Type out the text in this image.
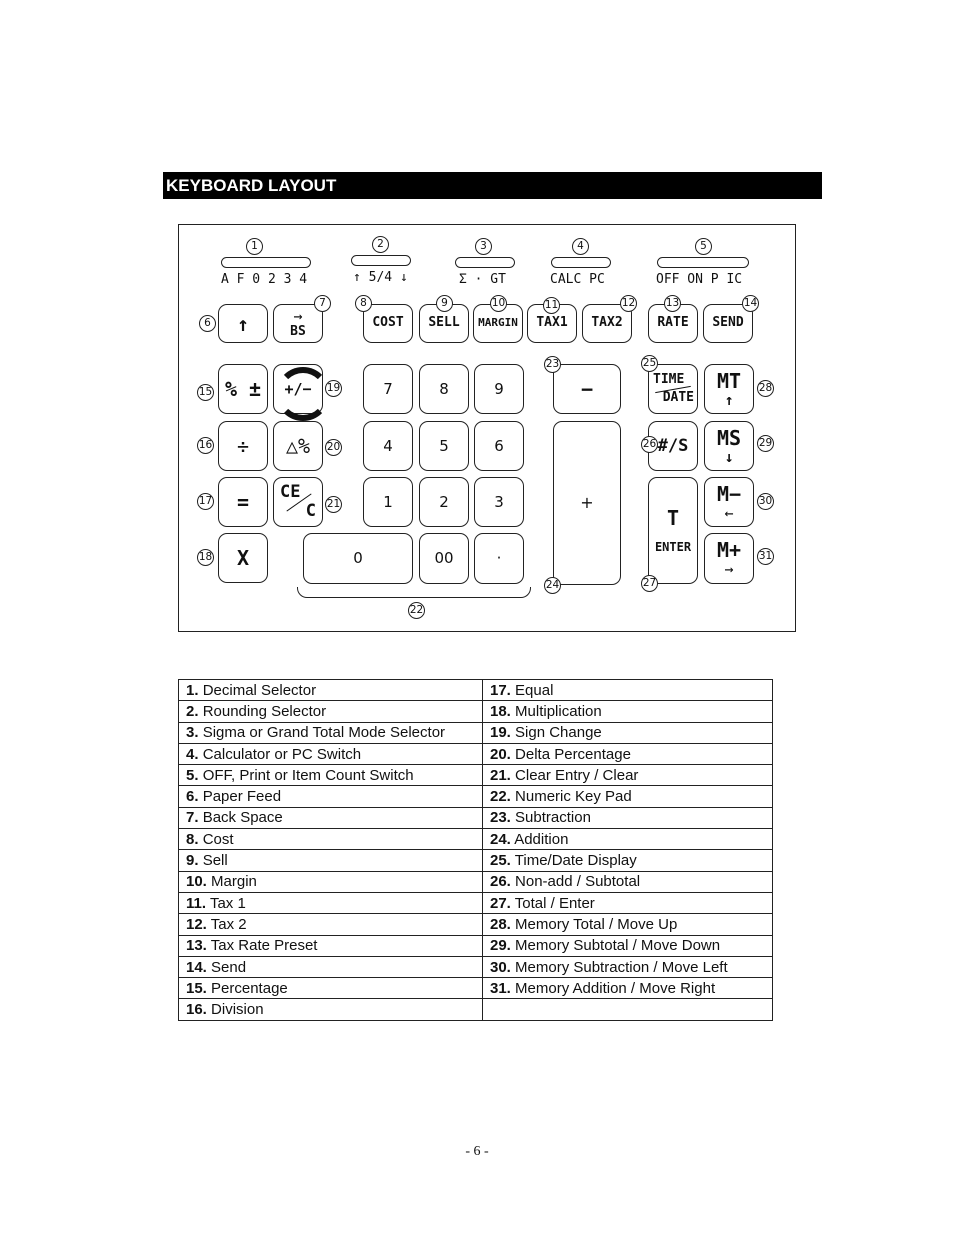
KEYBOARD LAYOUT
A F 0 2 3 4	↑ 5/4 ↓	Σ · GT	CALC PC	OFF ON P IC
1	2	3	4	5
↑	→
BS
COST SELL MARGIN TAX1 TAX2	RATE SEND
6
7	8	9	10	11	12	13	14
% ± +/−
÷ △%
= CE
C
X
15
16
17
18
19
20
21
7	8	9
4	5	6
1	2	3
0	00	·
22
−
+
23
24
TIME
DATE
#/S
T
ENTER
MT
↑
MS
↓
M−
←
M+
→
25
26
27
28
29
30
31
1. Decimal Selector	17. Equal
2. Rounding Selector	18. Multiplication
3. Sigma or Grand Total Mode Selector	19. Sign Change
4. Calculator or PC Switch	20. Delta Percentage
5. OFF, Print or Item Count Switch	21. Clear Entry / Clear
6. Paper Feed	22. Numeric Key Pad
7. Back Space	23. Subtraction
8. Cost	24. Addition
9. Sell	25. Time/Date Display
10. Margin	26. Non-add / Subtotal
11. Tax 1	27. Total / Enter
12. Tax 2	28. Memory Total / Move Up
13. Tax Rate Preset	29. Memory Subtotal / Move Down
14. Send	30. Memory Subtraction / Move Left
15. Percentage	31. Memory Addition / Move Right
16. Division	
- 6 -
